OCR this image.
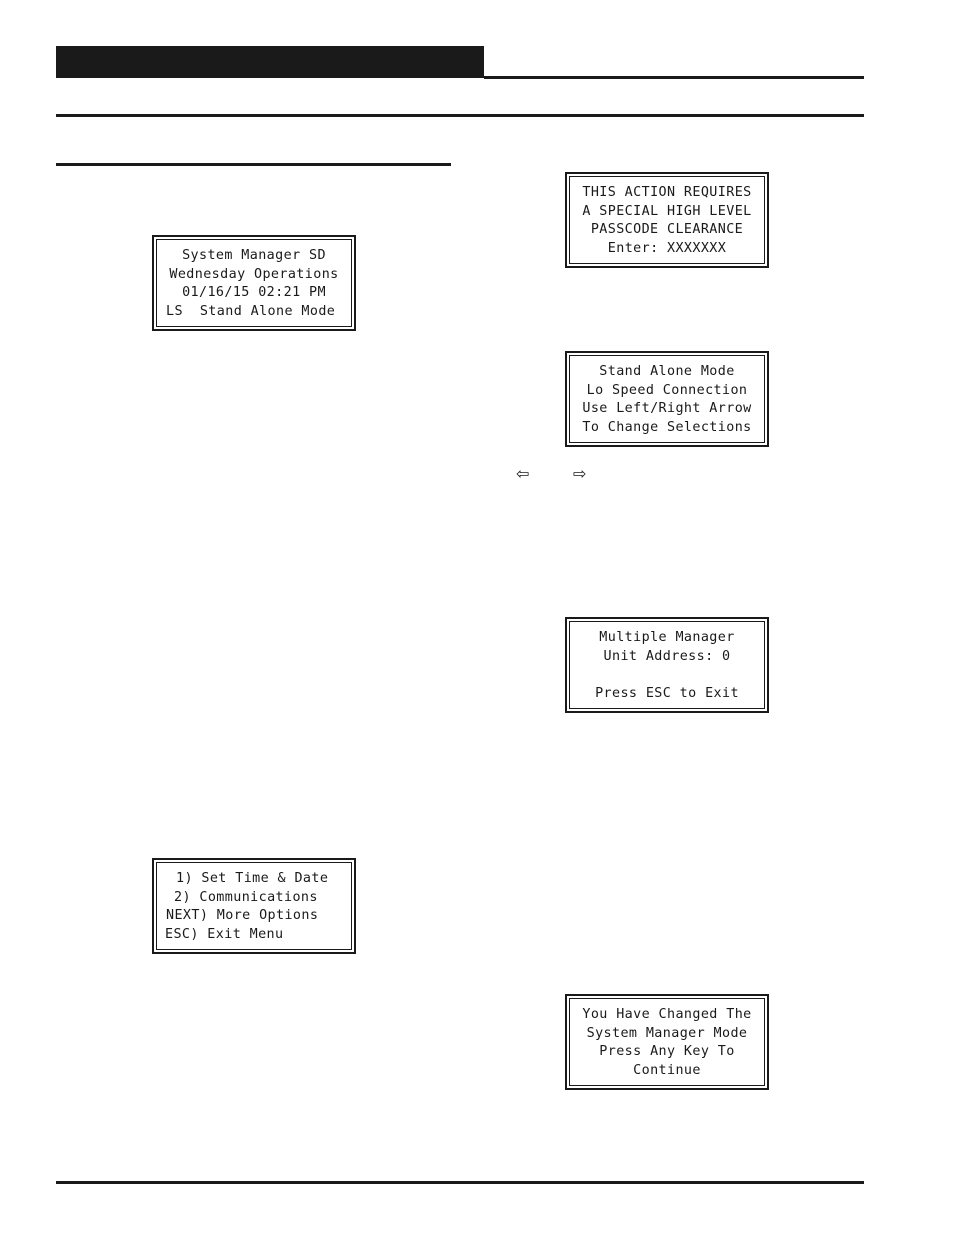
System Manager SD
Wednesday Operations
01/16/15 02:21 PM
LS  Stand Alone Mode
1) Set Time & Date
2) Communications
NEXT) More Options
ESC) Exit Menu
THIS ACTION REQUIRES
A SPECIAL HIGH LEVEL
PASSCODE CLEARANCE
Enter: XXXXXXX
Stand Alone Mode
Lo Speed Connection
Use Left/Right Arrow
To Change Selections
⇦	⇨
Multiple Manager
Unit Address: 0
Press ESC to Exit
You Have Changed The
System Manager Mode
Press Any Key To
Continue
